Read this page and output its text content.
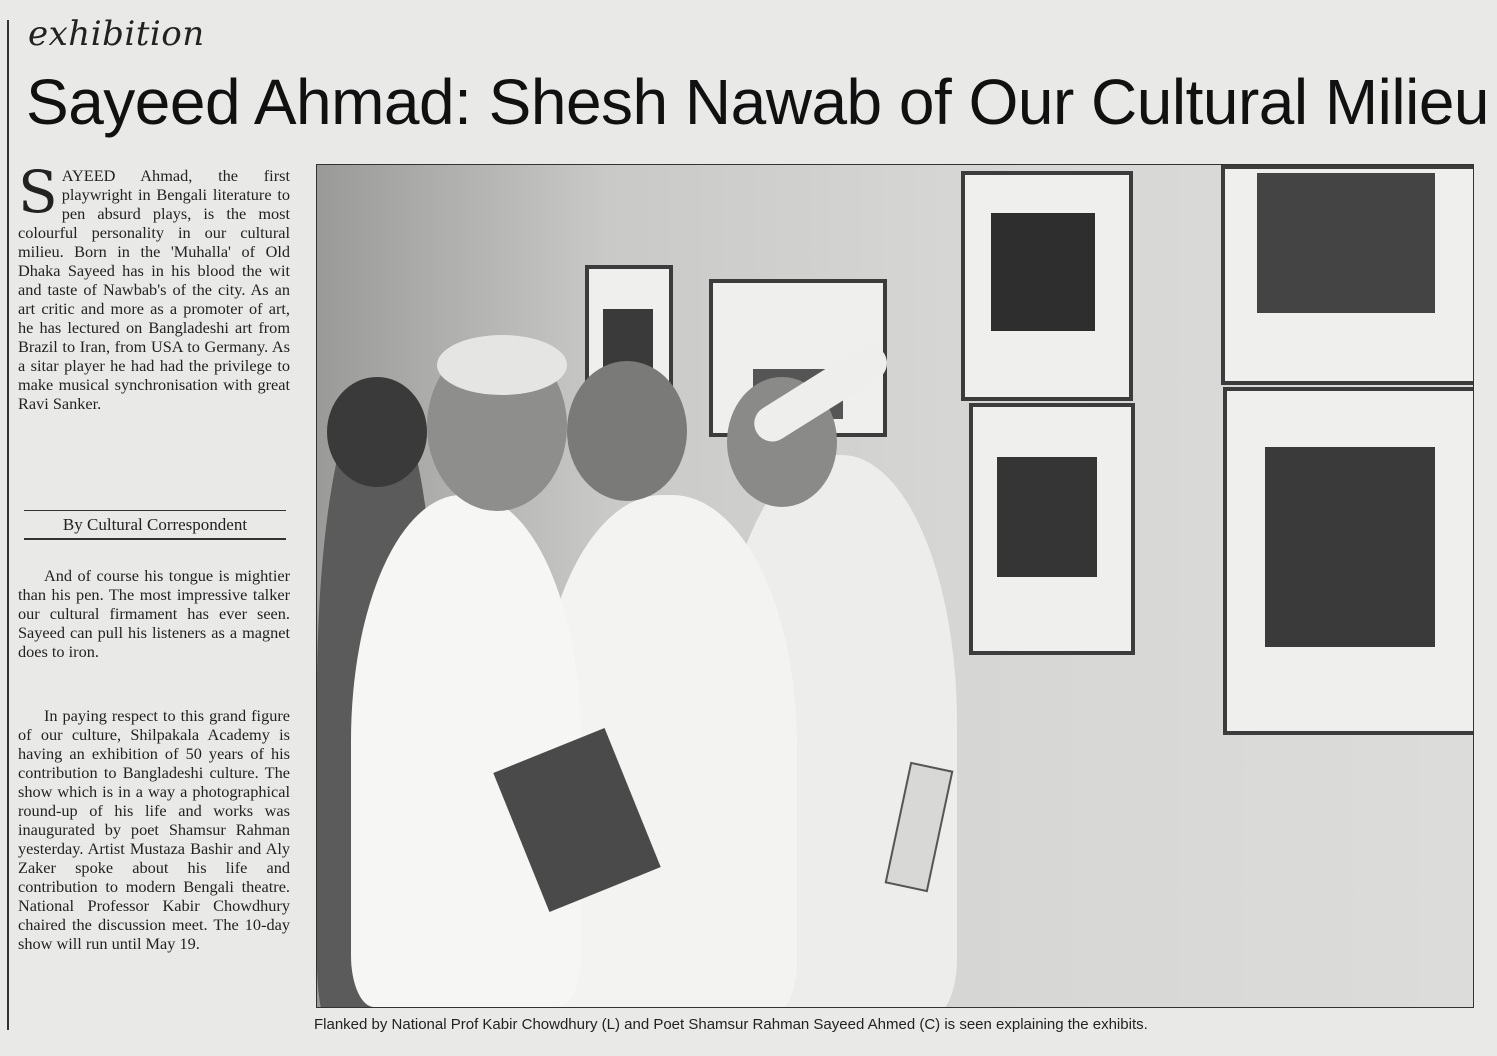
exhibition
Sayeed Ahmad: Shesh Nawab of Our Cultural Milieu
S AYEED Ahmad, the first playwright in Bengali literature to pen absurd plays, is the most colourful personality in our cultural milieu. Born in the 'Muhalla' of Old Dhaka Sayeed has in his blood the wit and taste of Nawbab's of the city. As an art critic and more as a promoter of art, he has lectured on Bangladeshi art from Brazil to Iran, from USA to Germany. As a sitar player he had had the privilege to make musical synchronisation with great Ravi Sanker.
By Cultural Correspondent
And of course his tongue is mightier than his pen. The most impressive talker our cultural firmament has ever seen. Sayeed can pull his listeners as a magnet does to iron.
In paying respect to this grand figure of our culture, Shilpakala Academy is having an exhibition of 50 years of his contribution to Bangladeshi culture. The show which is in a way a photographical round-up of his life and works was inaugurated by poet Shamsur Rahman yesterday. Artist Mustaza Bashir and Aly Zaker spoke about his life and contribution to modern Bengali theatre. National Professor Kabir Chowdhury chaired the discussion meet. The 10-day show will run until May 19.
Flanked by National Prof Kabir Chowdhury (L) and Poet Shamsur Rahman Sayeed Ahmed (C) is seen explaining the exhibits.
